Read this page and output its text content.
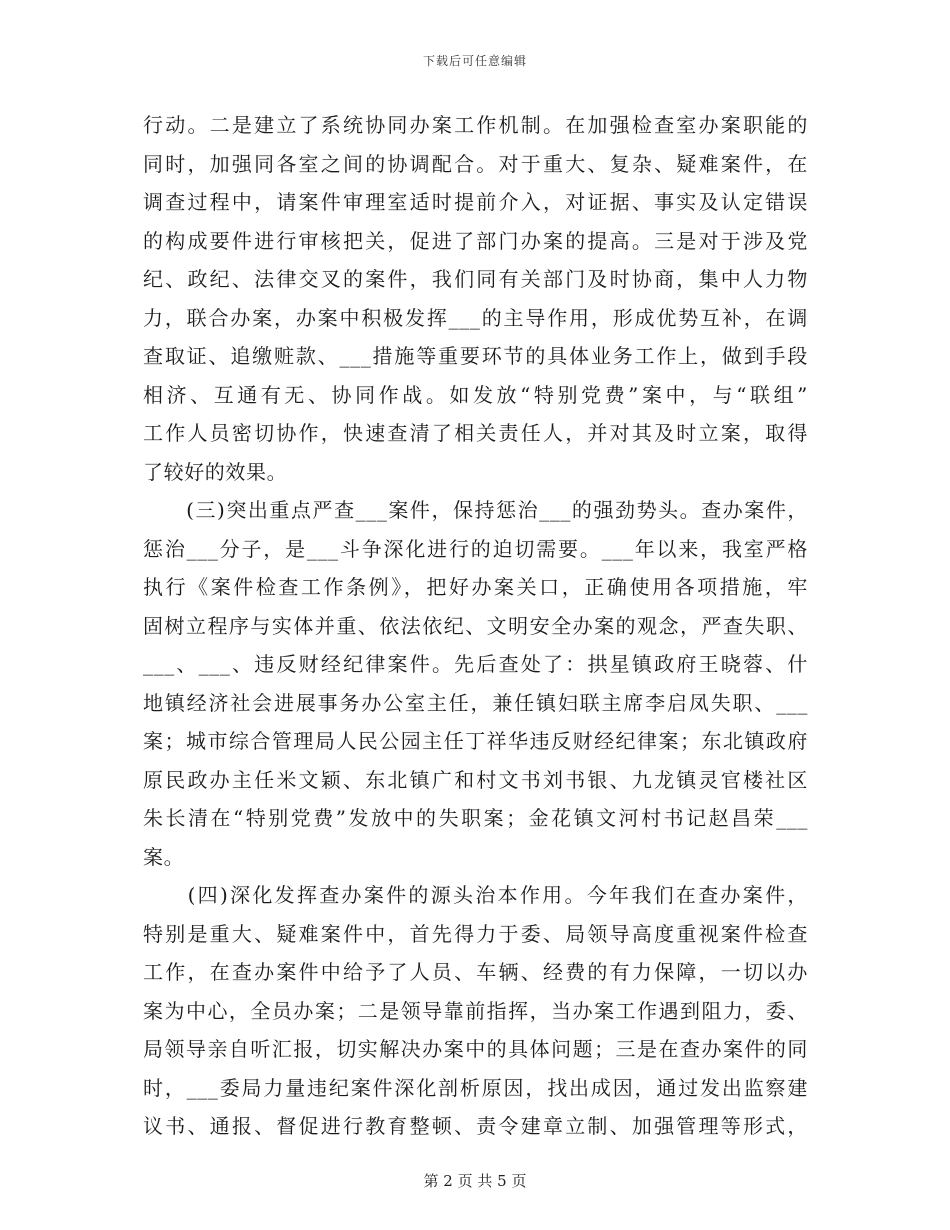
下载后可任意编辑
行动。二是建立了系统协同办案工作机制。在加强检查室办案职能的
同时，加强同各室之间的协调配合。对于重大、复杂、疑难案件，在
调查过程中，请案件审理室适时提前介入，对证据、事实及认定错误
的构成要件进行审核把关，促进了部门办案的提高。三是对于涉及党
纪、政纪、法律交叉的案件，我们同有关部门及时协商，集中人力物
力，联合办案，办案中积极发挥___的主导作用，形成优势互补，在调
查取证、追缴赃款、___措施等重要环节的具体业务工作上，做到手段
相济、互通有无、协同作战。如发放“特别党费”案中，与“联组”
工作人员密切协作，快速查清了相关责任人，并对其及时立案，取得
了较好的效果。
　　(三)突出重点严查___案件，保持惩治___的强劲势头。查办案件，
惩治___分子，是___斗争深化进行的迫切需要。___年以来，我室严格
执行《案件检查工作条例》，把好办案关口，正确使用各项措施，牢
固树立程序与实体并重、依法依纪、文明安全办案的观念，严查失职、
___、___、违反财经纪律案件。先后查处了：拱星镇政府王晓蓉、什
地镇经济社会进展事务办公室主任，兼任镇妇联主席李启凤失职、___
案；城市综合管理局人民公园主任丁祥华违反财经纪律案；东北镇政府
原民政办主任米文颖、东北镇广和村文书刘书银、九龙镇灵官楼社区
朱长清在“特别党费”发放中的失职案；金花镇文河村书记赵昌荣___
案。
　　(四)深化发挥查办案件的源头治本作用。今年我们在查办案件，
特别是重大、疑难案件中，首先得力于委、局领导高度重视案件检查
工作，在查办案件中给予了人员、车辆、经费的有力保障，一切以办
案为中心，全员办案；二是领导靠前指挥，当办案工作遇到阻力，委、
局领导亲自听汇报，切实解决办案中的具体问题；三是在查办案件的同
时，___委局力量违纪案件深化剖析原因，找出成因，通过发出监察建
议书、通报、督促进行教育整顿、责令建章立制、加强管理等形式，
第 2 页 共 5 页
